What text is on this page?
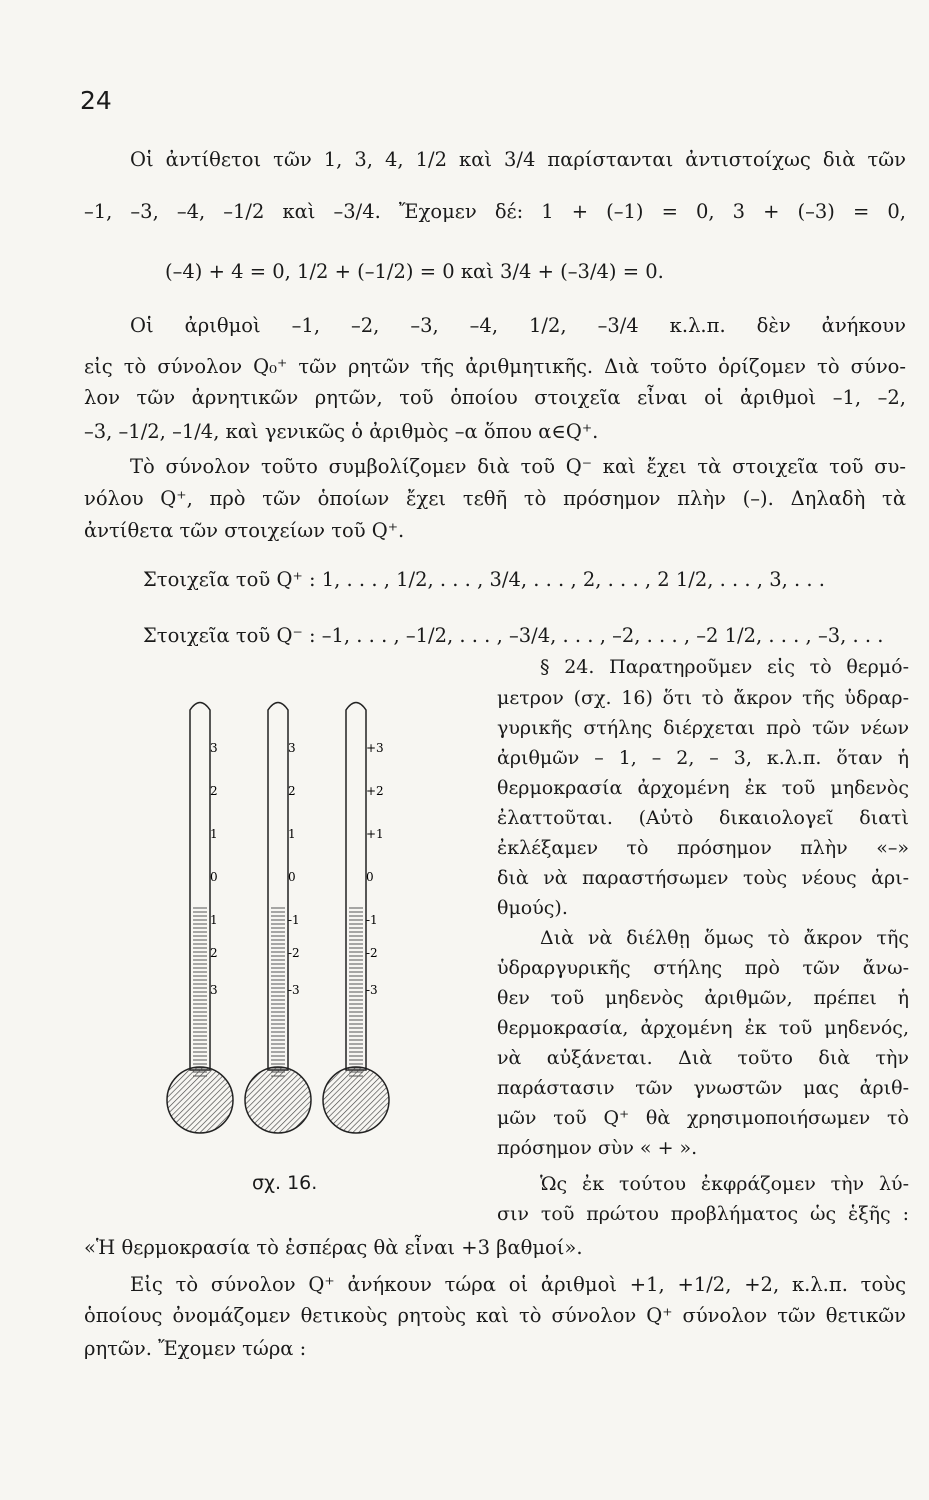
24
Οἱ ἀντίθετοι τῶν 1, 3, 4, 1/2 καὶ 3/4 παρίστανται ἀντιστοίχως διὰ τῶν
–1, –3, –4, –1/2 καὶ –3/4. Ἔχομεν δέ: 1 + (–1) = 0, 3 + (–3) = 0,
(–4) + 4 = 0, 1/2 + (–1/2) = 0 καὶ 3/4 + (–3/4) = 0.
Οἱ ἀριθμοὶ –1, –2, –3, –4, 1/2, –3/4 κ.λ.π. δὲν ἀνήκουν
εἰς τὸ σύνολον Q₀⁺ τῶν ρητῶν τῆς ἀριθμητικῆς. Διὰ τοῦτο ὁρίζομεν τὸ σύνο-
λον τῶν ἀρνητικῶν ρητῶν, τοῦ ὁποίου στοιχεῖα εἶναι οἱ ἀριθμοὶ –1, –2,
–3, –1/2, –1/4, καὶ γενικῶς ὁ ἀριθμὸς –α ὅπου α∈Q⁺.
Τὸ σύνολον τοῦτο συμβολίζομεν διὰ τοῦ Q⁻ καὶ ἔχει τὰ στοιχεῖα τοῦ συ-
νόλου Q⁺, πρὸ τῶν ὁποίων ἔχει τεθῆ τὸ πρόσημον πλὴν (–). Δηλαδὴ τὰ
ἀντίθετα τῶν στοιχείων τοῦ Q⁺.
Στοιχεῖα τοῦ Q⁺ : 1, . . . , 1/2, . . . , 3/4, . . . , 2, . . . , 2 1/2, . . . , 3, . . .
Στοιχεῖα τοῦ Q⁻ : –1, . . . , –1/2, . . . , –3/4, . . . , –2, . . . , –2 1/2, . . . , –3, . . .
§ 24. Παρατηροῦμεν εἰς τὸ θερμό-
μετρον (σχ. 16) ὅτι τὸ ἄκρον τῆς ὑδραρ-
γυρικῆς στήλης διέρχεται πρὸ τῶν νέων
ἀριθμῶν – 1, – 2, – 3, κ.λ.π. ὅταν ἡ
θερμοκρασία ἀρχομένη ἐκ τοῦ μηδενὸς
ἐλαττοῦται. (Αὐτὸ δικαιολογεῖ διατὶ
ἐκλέξαμεν τὸ πρόσημον πλὴν «–»
διὰ νὰ παραστήσωμεν τοὺς νέους ἀρι-
θμούς).
Διὰ νὰ διέλθῃ ὅμως τὸ ἄκρον τῆς
ὑδραργυρικῆς στήλης πρὸ τῶν ἄνω-
θεν τοῦ μηδενὸς ἀριθμῶν, πρέπει ἡ
θερμοκρασία, ἀρχομένη ἐκ τοῦ μηδενός,
νὰ αὐξάνεται. Διὰ τοῦτο διὰ τὴν
παράστασιν τῶν γνωστῶν μας ἀριθ-
μῶν τοῦ Q⁺ θὰ χρησιμοποιήσωμεν τὸ
πρόσημον σὺν « + ».
Ὡς ἐκ τούτου ἐκφράζομεν τὴν λύ-
σιν τοῦ πρώτου προβλήματος ὡς ἑξῆς :
3
2
1
0
1
2
3
3
2
1
0
-1
-2
-3
+3
+2
+1
0
-1
-2
-3
σχ. 16.
«Ἡ θερμοκρασία τὸ ἑσπέρας θὰ εἶναι +3 βαθμοί».
Εἰς τὸ σύνολον Q⁺ ἀνήκουν τώρα οἱ ἀριθμοὶ +1, +1/2, +2, κ.λ.π. τοὺς
ὁποίους ὀνομάζομεν θετικοὺς ρητοὺς καὶ τὸ σύνολον Q⁺ σύνολον τῶν θετικῶν
ρητῶν. Ἔχομεν τώρα :
